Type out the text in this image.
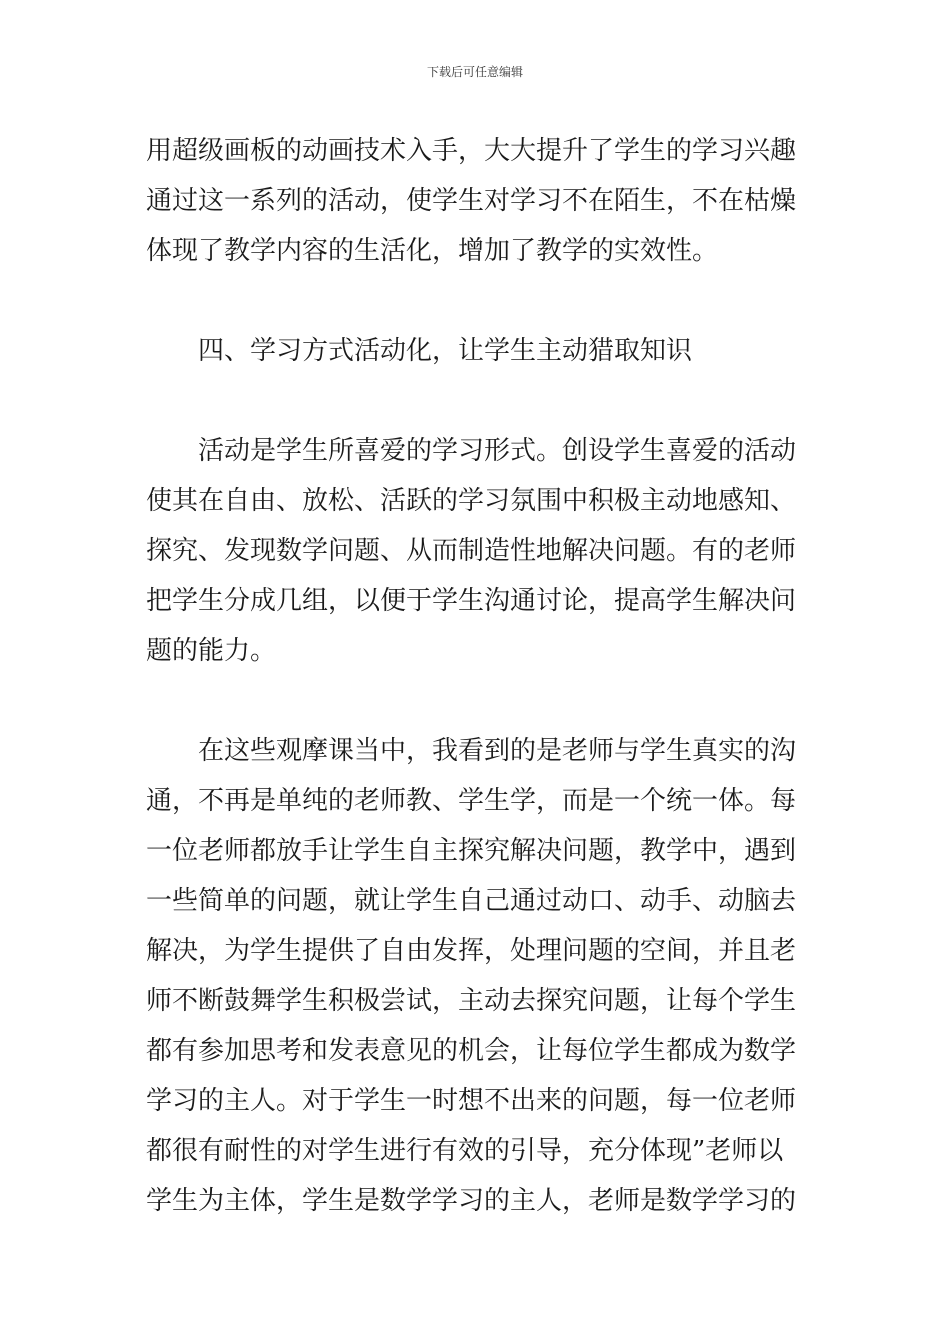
下载后可任意编辑
用超级画板的动画技术入手，大大提升了学生的学习兴趣
通过这一系列的活动，使学生对学习不在陌生，不在枯燥
体现了教学内容的生活化，增加了教学的实效性。
四、学习方式活动化，让学生主动猎取知识
活动是学生所喜爱的学习形式。创设学生喜爱的活动
使其在自由、放松、活跃的学习氛围中积极主动地感知、
探究、发现数学问题、从而制造性地解决问题。有的老师
把学生分成几组，以便于学生沟通讨论，提高学生解决问
题的能力。
在这些观摩课当中，我看到的是老师与学生真实的沟
通，不再是单纯的老师教、学生学，而是一个统一体。每
一位老师都放手让学生自主探究解决问题，教学中，遇到
一些简单的问题，就让学生自己通过动口、动手、动脑去
解决，为学生提供了自由发挥，处理问题的空间，并且老
师不断鼓舞学生积极尝试，主动去探究问题，让每个学生
都有参加思考和发表意见的机会，让每位学生都成为数学
学习的主人。对于学生一时想不出来的问题，每一位老师
都很有耐性的对学生进行有效的引导，充分体现”老师以
学生为主体，学生是数学学习的主人，老师是数学学习的
